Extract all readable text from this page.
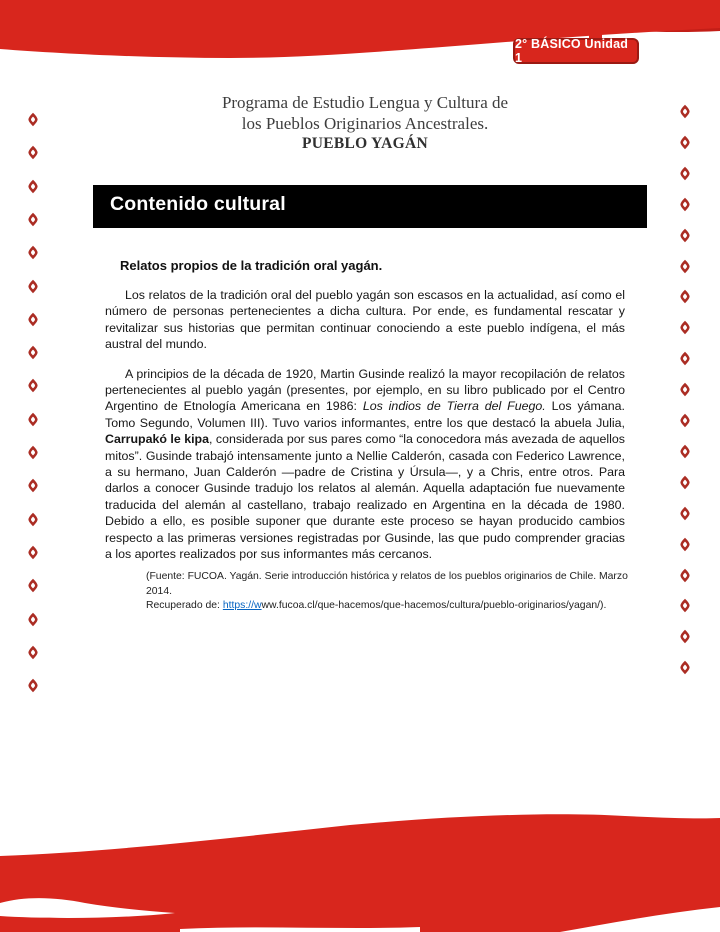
2° BÁSICO Unidad 1
Programa de Estudio Lengua y Cultura de
los Pueblos Originarios Ancestrales.
PUEBLO YAGÁN
Contenido cultural
Relatos propios de la tradición oral yagán.

Los relatos de la tradición oral del pueblo yagán son escasos en la actualidad, así como el número de personas pertenecientes a dicha cultura. Por ende, es fundamental rescatar y revitalizar sus historias que permitan continuar conociendo a este pueblo indígena, el más austral del mundo.

A principios de la década de 1920, Martin Gusinde realizó la mayor recopilación de relatos pertenecientes al pueblo yagán (presentes, por ejemplo, en su libro publicado por el Centro Argentino de Etnología Americana en 1986: Los indios de Tierra del Fuego. Los yámana. Tomo Segundo, Volumen III). Tuvo varios informantes, entre los que destacó la abuela Julia, Carrupakó le kipa, considerada por sus pares como “la conocedora más avezada de aquellos mitos”. Gusinde trabajó intensamente junto a Nellie Calderón, casada con Federico Lawrence, a su hermano, Juan Calderón —padre de Cristina y Úrsula—, y a Chris, entre otros. Para darlos a conocer Gusinde tradujo los relatos al alemán. Aquella adaptación fue nuevamente traducida del alemán al castellano, trabajo realizado en Argentina en la década de 1980. Debido a ello, es posible suponer que durante este proceso se hayan producido cambios respecto a las primeras versiones registradas por Gusinde, las que pudo comprender gracias a los aportes realizados por sus informantes más cercanos.

(Fuente: FUCOA. Yagán. Serie introducción histórica y relatos de los pueblos originarios de Chile. Marzo 2014.
Recuperado de: https://www.fucoa.cl/que-hacemos/que-hacemos/cultura/pueblo-originarios/yagan/).
